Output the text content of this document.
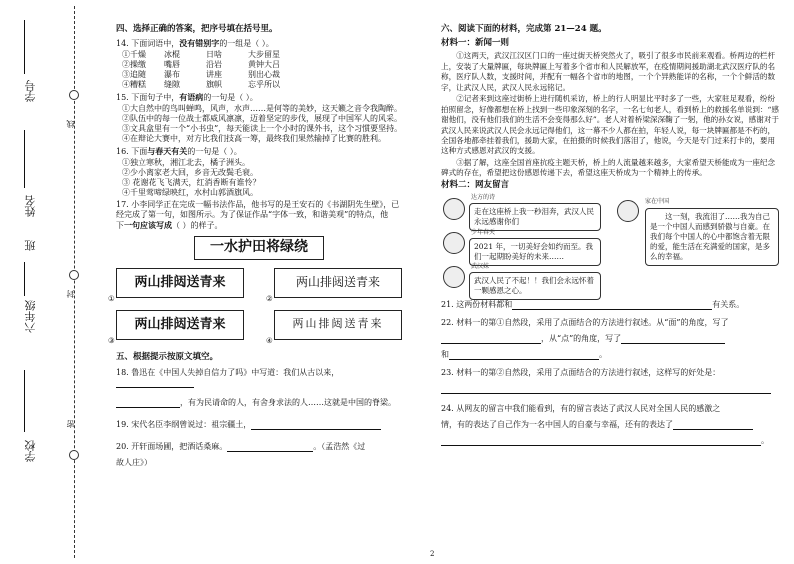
学校
六年级
班
姓名
学号
线
封
密
四、选择正确的答案，把序号填在括号里。
14. 下面词语中，没有错别字的一组是（ ）。
①千燥	冰棍	日啥	大步留星
②操缴	嘴唇	沿岩	黄钟大吕
③追随	瀑布	讲座	别出心裁
④糟糕	缝隙	旗帜	忘乎所以
15. 下面句子中，有语病的一句是（ ）。
①大自然中的鸟叫蝉鸣，风声，水声……是何等的美妙，这天籁之音令我陶醉。
②队伍中的每一位战士都威风凛凛，迈着坚定的步伐，展现了中国军人的风采。
③文具盒里有一个“小书虫”，每天能读上一个小时的课外书，这个习惯要坚持。
④在辩论大赛中，对方比我们技高一筹，最终我们果然输掉了比赛的胜利。
16. 下面与春天有关的一句是（ ）。
①独立寒秋，湘江北去，橘子洲头。
②少小离家老大回，乡音无改鬓毛衰。
③ 花谢花飞飞满天，红消香断有谁怜？
④千里莺啼绿映红，水村山郭酒旗风。
17. 小李同学正在完成一幅书法作品，他书写的是王安石的《书湖阴先生壁》，已
经完成了第一句，如图所示。为了保证作品“字体一致，和谐美观”的特点，他
下一句应该写成（ ）的样子。
一水护田将绿绕
两山排闼送青来
①
两山排闼送青来
②
两山排闼送青来
③
两山排闼送青来
④
五、根据提示按原文填空。
18. 鲁迅在《中国人失掉自信力了吗》中写道：我们从古以来，
，有为民请命的人，有舍身求法的人……这就是中国的脊梁。
19. 宋代名臣李纲曾说过：祖宗疆土，
20. 开轩面场圃，把酒话桑麻。	。（孟浩然《过
故人庄》）
六、阅读下面的材料，完成第 21—24 题。
材料一：新闻一则
①这两天，武汉江汉区门口的一座过街天桥突然火了，吸引了很多市民前来观看。桥两边的栏杆上，安装了大量牌匾，每块牌匾上写着多个省市和人民解放军，在疫情期间援助湖北武汉医疗队的名称，医疗队人数，支援时间，并配有一幅各个省市的地图，一个个异熟能详的名称，一个个鲜活的数字，让武汉人民，武汉人民永远铭记。
②记者来到这座过街桥上进行随机采访，桥上的行人明显比平时多了一些，大家驻足观看，纷纷拍照留念，好像都想在桥上找到一些印象深刻的名字，一名七旬老人，看到桥上的救援名单说到：“感谢他们，没有他们我们的生活不会变得那么好”。老人对着桥梁深深鞠了一躬，他的孙女说，感谢对于武汉人民来说武汉人民会永远记得他们，这一幕不少人都在拍，年轻人说，每一块牌匾都是不朽的，全国各地都牵挂着我们，援助大家，在拍摄的时候我们落泪了，他说，今天是专门过来打卡的，要用这种方式感恩对武汉的支援。
③据了解，这座全国首座抗疫主题天桥，桥上的人流量越来越多，大家希望天桥能成为一座纪念碑式的存在，希望把这份感恩传递下去，希望这座天桥成为一个精神上的传承。
材料二：网友留言
达方的诗
走在这座桥上我一秒泪奔，武汉人民永远感谢你们
少年春天
2021 年，一切美好会如约而至。我们一起期盼美好的未来……
武汉妹
武汉人民了不起！！我们会永远怀着一颗感恩之心。
家在中国
这一刻，我流泪了……我为自己是一个中国人而感到骄傲与自豪。在我们每个中国人的心中都饱含着无限的爱，能生活在充满爱的国家，是多么的幸福。
21. 这两份材料都和	有关系。
22. 材料一的第①自然段，采用了点面结合的方法进行叙述。从“面”的角度，写了
，从“点”的角度，写了
和	。
23. 材料一的第②自然段，采用了点面结合的方法进行叙述，这样写的好处是：
24. 从网友的留言中我们能看到，有的留言表达了武汉人民对全国人民的感激之
情，有的表达了自己作为一名中国人的自豪与幸福，还有的表达了
。
2
